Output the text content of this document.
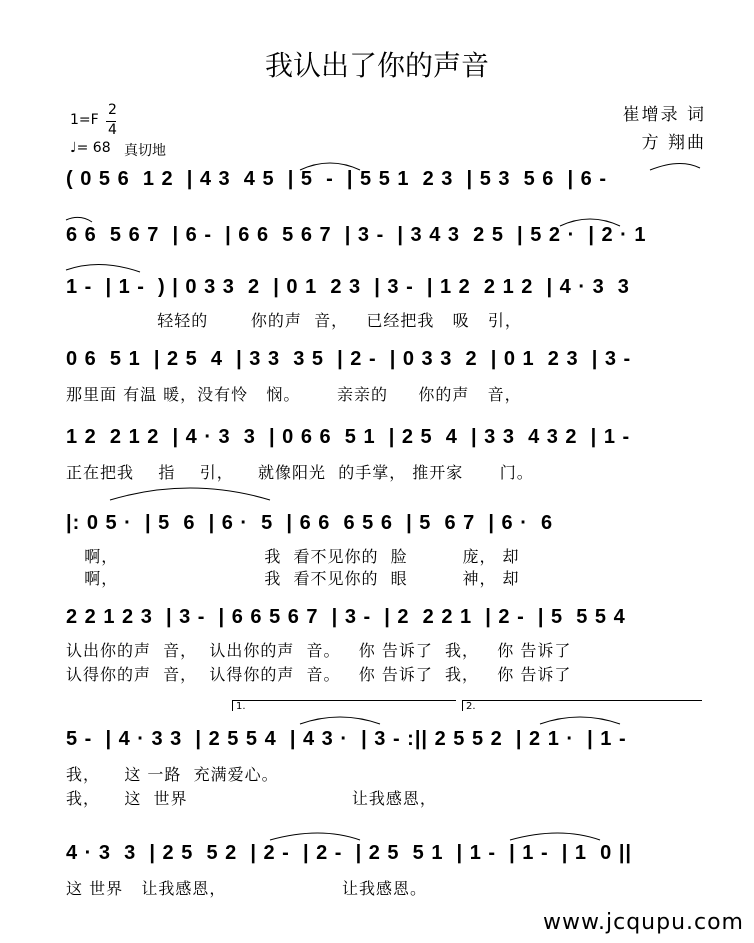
我认出了你的声音
1=F
2
4
♩= 68 真切地
崔增录 词
方 翔曲
( 0 5 6  1 2  | 4 3  4 5  | 5  -  | 5 5 1  2 3  | 5 3  5 6  | 6 -
6 6  5 6 7  | 6 -  | 6 6  5 6 7  | 3 -  | 3 4 3  2 5  | 5 2 ·  | 2 · 1
1 -  | 1 -  ) | 0 3 3  2  | 0 1  2 3  | 3 -  | 1 2  2 1 2  | 4 · 3  3
轻轻的       你的声  音，   已经把我   吸   引，
0 6  5 1  | 2 5  4  | 3 3  3 5  | 2 -  | 0 3 3  2  | 0 1  2 3  | 3 -
那里面 有温 暖，没有怜   悯。      亲亲的     你的声   音，
1 2  2 1 2  | 4 · 3  3  | 0 6 6  5 1  | 2 5  4  | 3 3  4 3 2  | 1 -
正在把我    指    引，    就像阳光  的手掌， 推开家      门。
|: 0 5 ·  | 5  6  | 6 ·  5  | 6 6  6 5 6  | 5  6 7  | 6 ·  6
啊，                        我  看不见你的  脸         庞， 却
啊，                        我  看不见你的  眼         神， 却
2 2 1 2 3  | 3 -  | 6 6 5 6 7  | 3 -  | 2  2 2 1  | 2 -  | 5  5 5 4
认出你的声  音，  认出你的声  音。   你 告诉了  我，   你 告诉了
认得你的声  音，  认得你的声  音。   你 告诉了  我，   你 告诉了
1.	2.
5 -  | 4 · 3 3  | 2 5 5 4  | 4 3 ·  | 3 - :|| 2 5 5 2  | 2 1 ·  | 1 -
我，    这 一路  充满爱心。
我，    这  世界                           让我感恩，
4 · 3  3  | 2 5  5 2  | 2 -  | 2 -  | 2 5  5 1  | 1 -  | 1 -  | 1  0 ||
这 世界   让我感恩，                   让我感恩。
www.jcqupu.com
